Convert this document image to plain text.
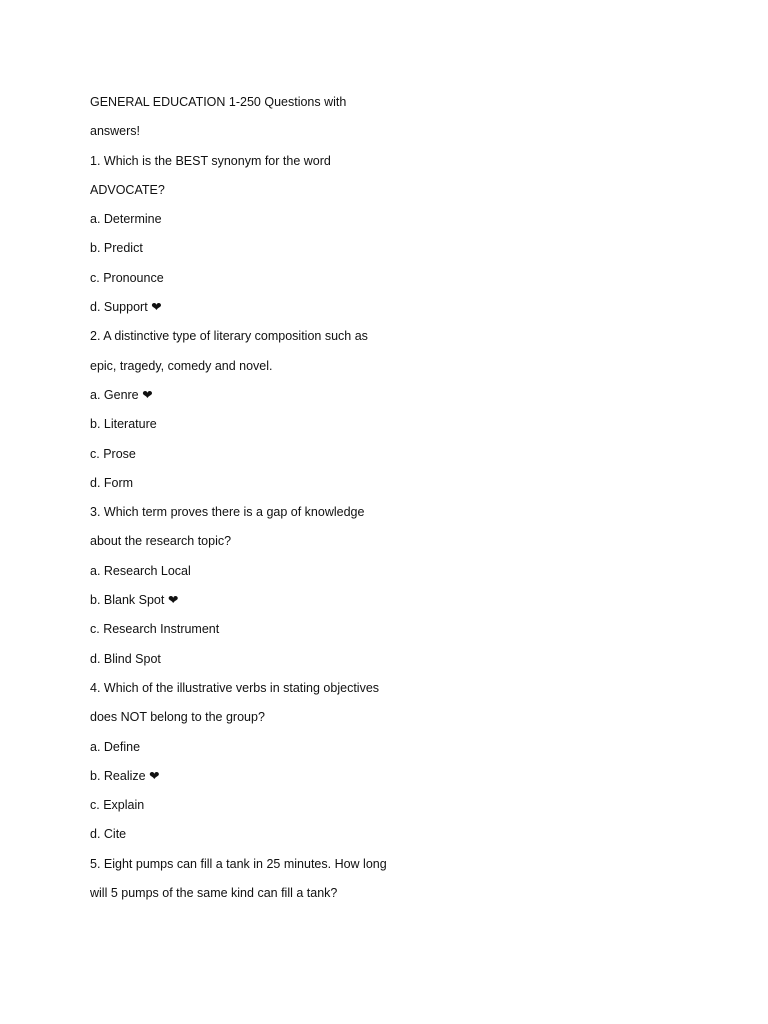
GENERAL EDUCATION 1-250 Questions with
answers!
1. Which is the BEST synonym for the word
ADVOCATE?
a. Determine
b. Predict
c. Pronounce
d. Support ❤
2. A distinctive type of literary composition such as
epic, tragedy, comedy and novel.
a. Genre ❤
b. Literature
c. Prose
d. Form
3. Which term proves there is a gap of knowledge
about the research topic?
a. Research Local
b. Blank Spot ❤
c. Research Instrument
d. Blind Spot
4. Which of the illustrative verbs in stating objectives
does NOT belong to the group?
a. Define
b. Realize ❤
c. Explain
d. Cite
5. Eight pumps can fill a tank in 25 minutes. How long
will 5 pumps of the same kind can fill a tank?
